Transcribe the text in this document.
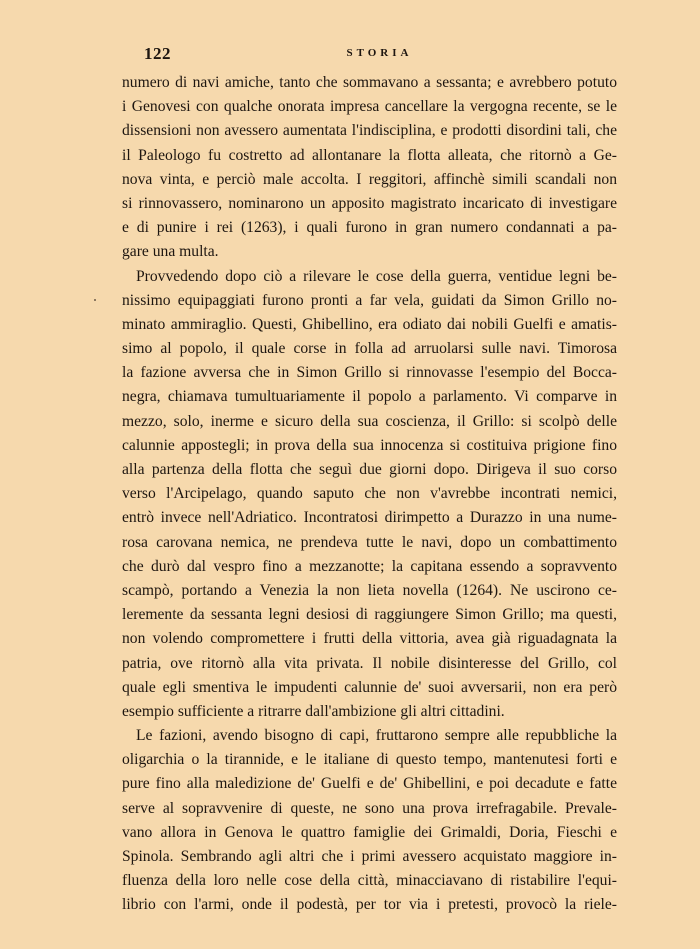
122	STORIA
numero di navi amiche, tanto che sommavano a sessanta; e avrebbero potuto
i Genovesi con qualche onorata impresa cancellare la vergogna recente, se le
dissensioni non avessero aumentata l'indisciplina, e prodotti disordini tali, che
il Paleologo fu costretto ad allontanare la flotta alleata, che ritornò a Ge-
nova vinta, e perciò male accolta. I reggitori, affinchè simili scandali non
si rinnovassero, nominarono un apposito magistrato incaricato di investigare
e di punire i rei (1263), i quali furono in gran numero condannati a pa-
gare una multa.
Provvedendo dopo ciò a rilevare le cose della guerra, ventidue legni be-
nissimo equipaggiati furono pronti a far vela, guidati da Simon Grillo no-
minato ammiraglio. Questi, Ghibellino, era odiato dai nobili Guelfi e amatis-
simo al popolo, il quale corse in folla ad arruolarsi sulle navi. Timorosa
la fazione avversa che in Simon Grillo si rinnovasse l'esempio del Bocca-
negra, chiamava tumultuariamente il popolo a parlamento. Vi comparve in
mezzo, solo, inerme e sicuro della sua coscienza, il Grillo: si scolpò delle
calunnie appostegli; in prova della sua innocenza si costituiva prigione fino
alla partenza della flotta che seguì due giorni dopo. Dirigeva il suo corso
verso l'Arcipelago, quando saputo che non v'avrebbe incontrati nemici,
entrò invece nell'Adriatico. Incontratosi dirimpetto a Durazzo in una nume-
rosa carovana nemica, ne prendeva tutte le navi, dopo un combattimento
che durò dal vespro fino a mezzanotte; la capitana essendo a sopravvento
scampò, portando a Venezia la non lieta novella (1264). Ne uscirono ce-
leremente da sessanta legni desiosi di raggiungere Simon Grillo; ma questi,
non volendo compromettere i frutti della vittoria, avea già riguadagnata la
patria, ove ritornò alla vita privata. Il nobile disinteresse del Grillo, col
quale egli smentiva le impudenti calunnie de' suoi avversarii, non era però
esempio sufficiente a ritrarre dall'ambizione gli altri cittadini.
Le fazioni, avendo bisogno di capi, fruttarono sempre alle repubbliche la
oligarchia o la tirannide, e le italiane di questo tempo, mantenutesi forti e
pure fino alla maledizione de' Guelfi e de' Ghibellini, e poi decadute e fatte
serve al sopravvenire di queste, ne sono una prova irrefragabile. Prevale-
vano allora in Genova le quattro famiglie dei Grimaldi, Doria, Fieschi e
Spinola. Sembrando agli altri che i primi avessero acquistato maggiore in-
fluenza della loro nelle cose della città, minacciavano di ristabilire l'equi-
librio con l'armi, onde il podestà, per tor via i pretesti, provocò la riele-
